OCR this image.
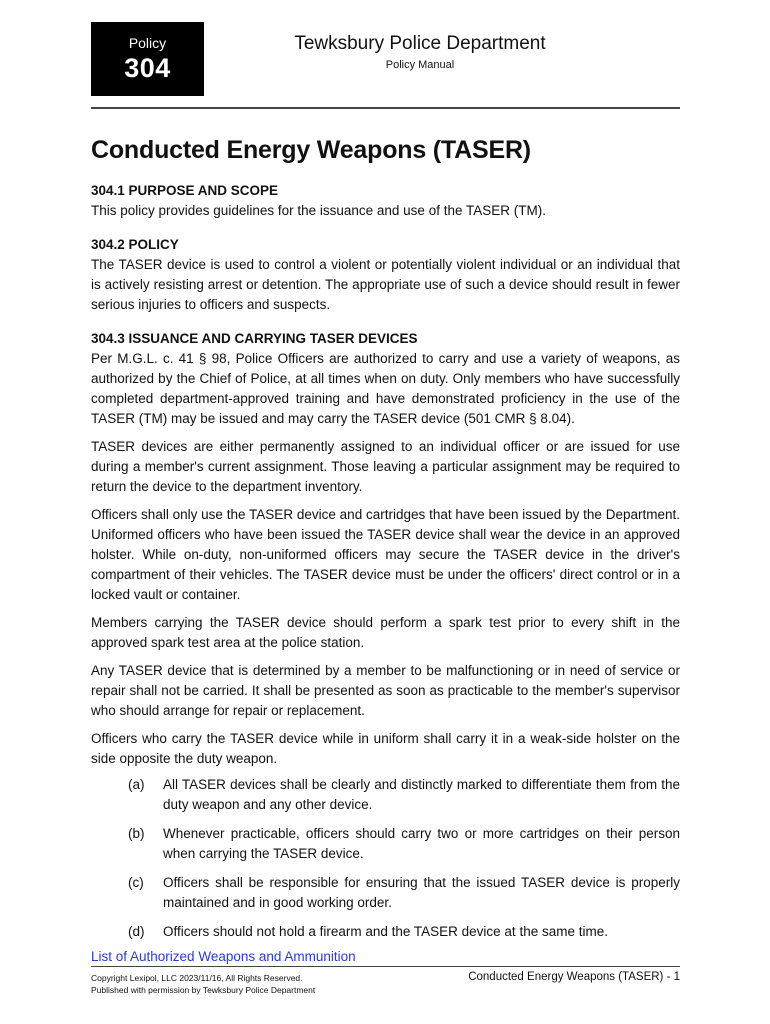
Policy
304
Tewksbury Police Department
Policy Manual
Conducted Energy Weapons (TASER)
304.1 PURPOSE AND SCOPE

This policy provides guidelines for the issuance and use of the TASER (TM).

304.2 POLICY

The TASER device is used to control a violent or potentially violent individual or an individual that is actively resisting arrest or detention. The appropriate use of such a device should result in fewer serious injuries to officers and suspects.

304.3 ISSUANCE AND CARRYING TASER DEVICES

Per M.G.L. c. 41 § 98, Police Officers are authorized to carry and use a variety of weapons, as authorized by the Chief of Police, at all times when on duty. Only members who have successfully completed department-approved training and have demonstrated proficiency in the use of the TASER (TM) may be issued and may carry the TASER device (501 CMR § 8.04).

TASER devices are either permanently assigned to an individual officer or are issued for use during a member's current assignment. Those leaving a particular assignment may be required to return the device to the department inventory.

Officers shall only use the TASER device and cartridges that have been issued by the Department. Uniformed officers who have been issued the TASER device shall wear the device in an approved holster. While on-duty, non-uniformed officers may secure the TASER device in the driver's compartment of their vehicles. The TASER device must be under the officers' direct control or in a locked vault or container.

Members carrying the TASER device should perform a spark test prior to every shift in the approved spark test area at the police station.

Any TASER device that is determined by a member to be malfunctioning or in need of service or repair shall not be carried. It shall be presented as soon as practicable to the member's supervisor who should arrange for repair or replacement.

Officers who carry the TASER device while in uniform shall carry it in a weak-side holster on the side opposite the duty weapon.

(a)	All TASER devices shall be clearly and distinctly marked to differentiate them from the duty weapon and any other device.
(b)	Whenever practicable, officers should carry two or more cartridges on their person when carrying the TASER device.
(c)	Officers shall be responsible for ensuring that the issued TASER device is properly maintained and in good working order.
(d)	Officers should not hold a firearm and the TASER device at the same time.
List of Authorized Weapons and Ammunition
Copyright Lexipol, LLC 2023/11/16, All Rights Reserved.
Published with permission by Tewksbury Police Department
Conducted Energy Weapons (TASER) - 1
